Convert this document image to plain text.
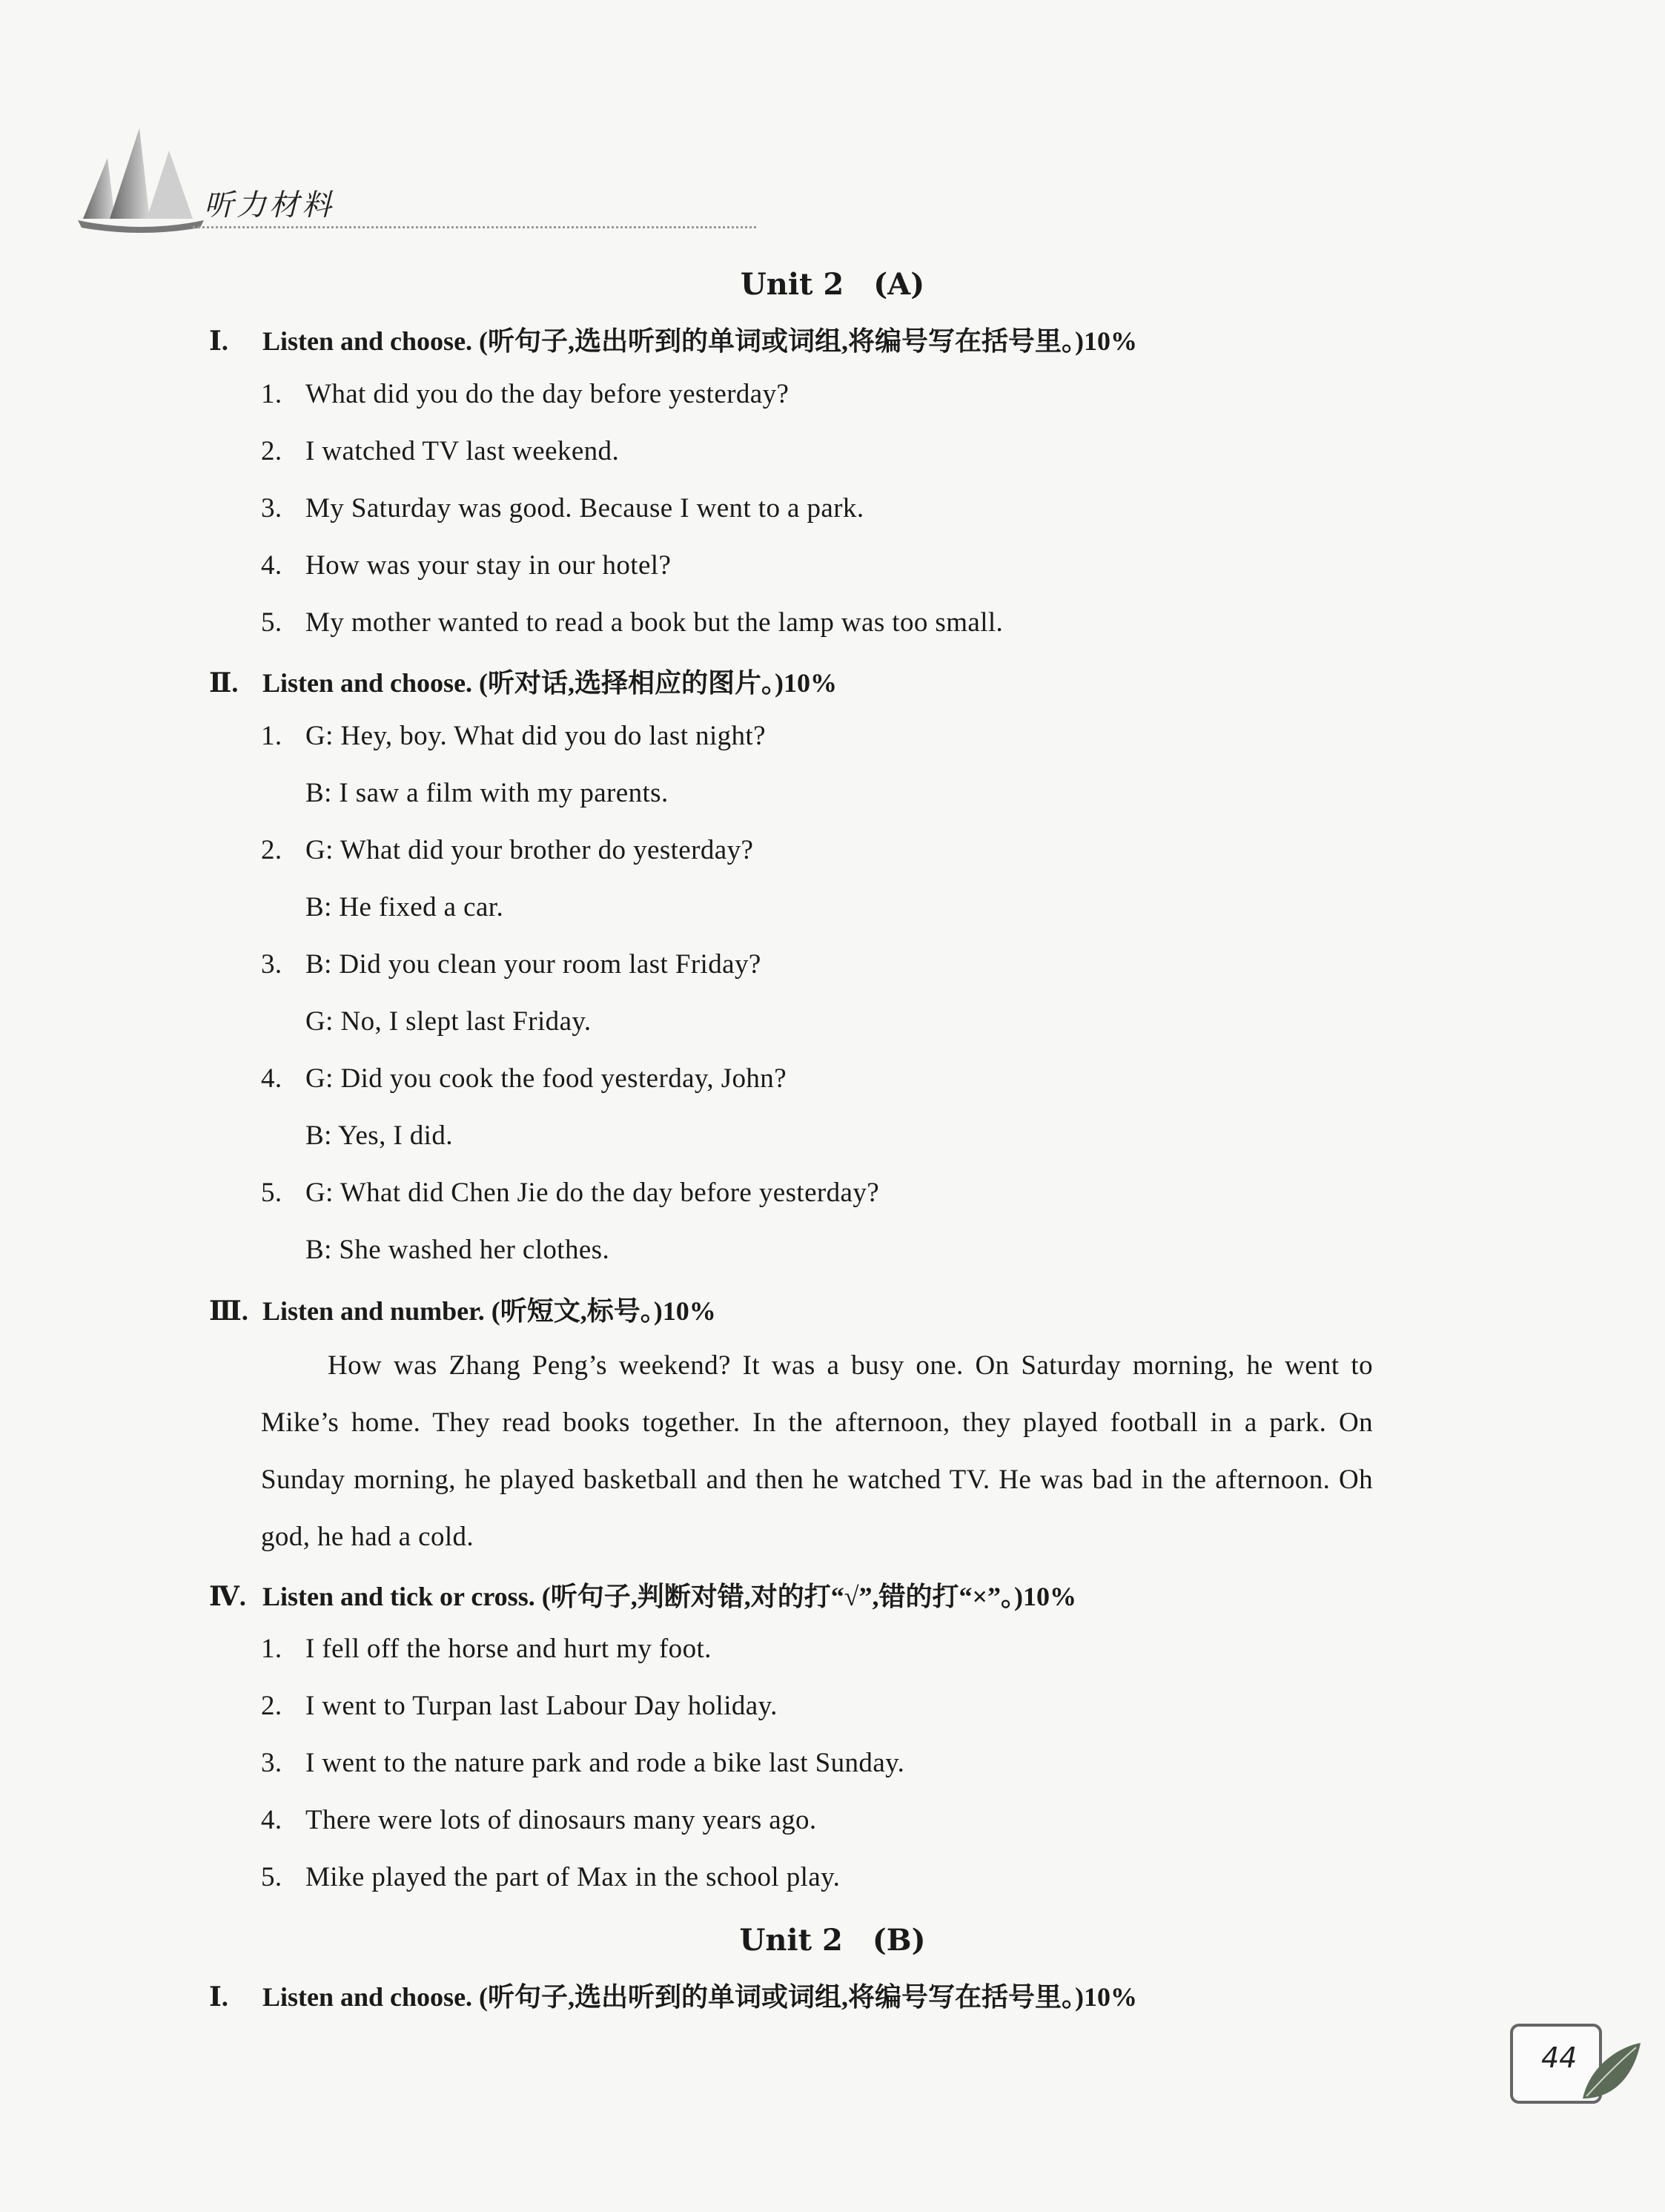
听力材料
Unit 2　(A)
Ⅰ. Listen and choose. (听句子,选出听到的单词或词组,将编号写在括号里。)10%
1. What did you do the day before yesterday?
2. I watched TV last weekend.
3. My Saturday was good. Because I went to a park.
4. How was your stay in our hotel?
5. My mother wanted to read a book but the lamp was too small.
Ⅱ. Listen and choose. (听对话,选择相应的图片。)10%
1. G: Hey, boy. What did you do last night?
B: I saw a film with my parents.
2. G: What did your brother do yesterday?
B: He fixed a car.
3. B: Did you clean your room last Friday?
G: No, I slept last Friday.
4. G: Did you cook the food yesterday, John?
B: Yes, I did.
5. G: What did Chen Jie do the day before yesterday?
B: She washed her clothes.
Ⅲ. Listen and number. (听短文,标号。)10%
How was Zhang Peng’s weekend? It was a busy one. On Saturday morning, he went to Mike’s home. They read books together. In the afternoon, they played football in a park. On Sunday morning, he played basketball and then he watched TV. He was bad in the afternoon. Oh god, he had a cold.
Ⅳ. Listen and tick or cross. (听句子,判断对错,对的打“√”,错的打“×”。)10%
1. I fell off the horse and hurt my foot.
2. I went to Turpan last Labour Day holiday.
3. I went to the nature park and rode a bike last Sunday.
4. There were lots of dinosaurs many years ago.
5. Mike played the part of Max in the school play.
Unit 2　(B)
Ⅰ. Listen and choose. (听句子,选出听到的单词或词组,将编号写在括号里。)10%
44
